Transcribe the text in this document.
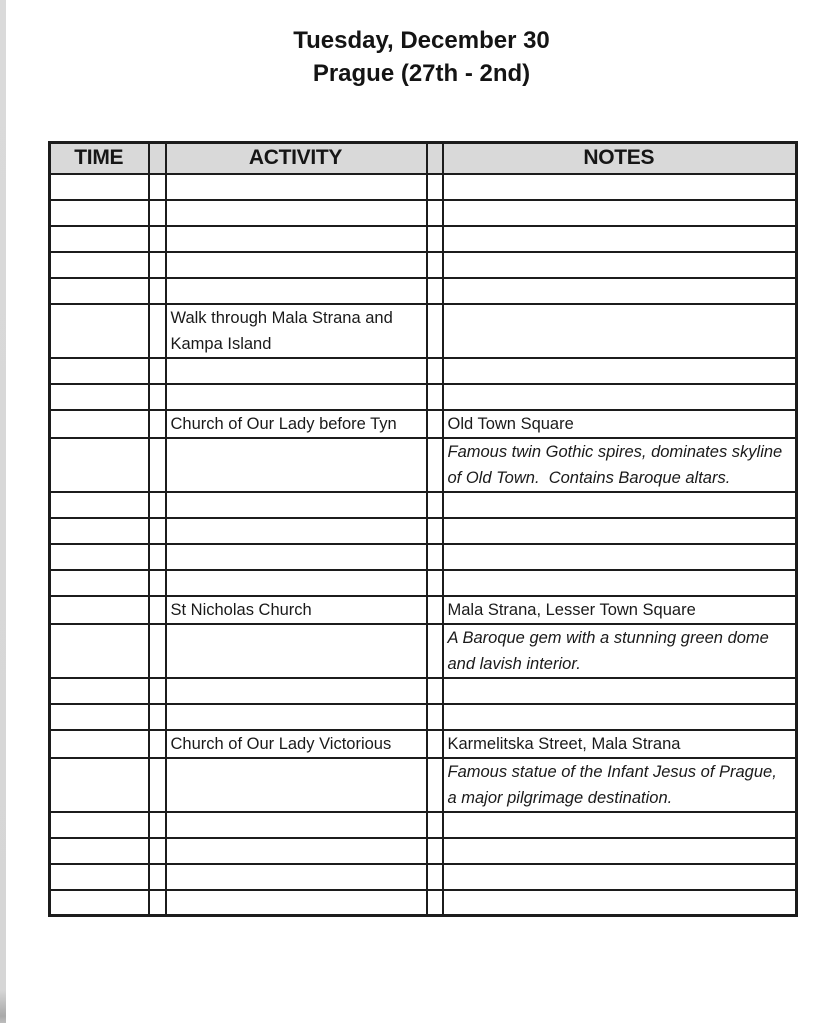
Tuesday, December 30
Prague (27th - 2nd)
TIME		ACTIVITY		NOTES

		Walk through Mala Strana and Kampa Island		

		Church of Our Lady before Tyn		Old Town Square
				Famous twin Gothic spires, dominates skyline of Old Town.  Contains Baroque altars.

		St Nicholas Church		Mala Strana, Lesser Town Square
				A Baroque gem with a stunning green dome and lavish interior.

		Church of Our Lady Victorious		Karmelitska Street, Mala Strana
				Famous statue of the Infant Jesus of Prague, a major pilgrimage destination.
